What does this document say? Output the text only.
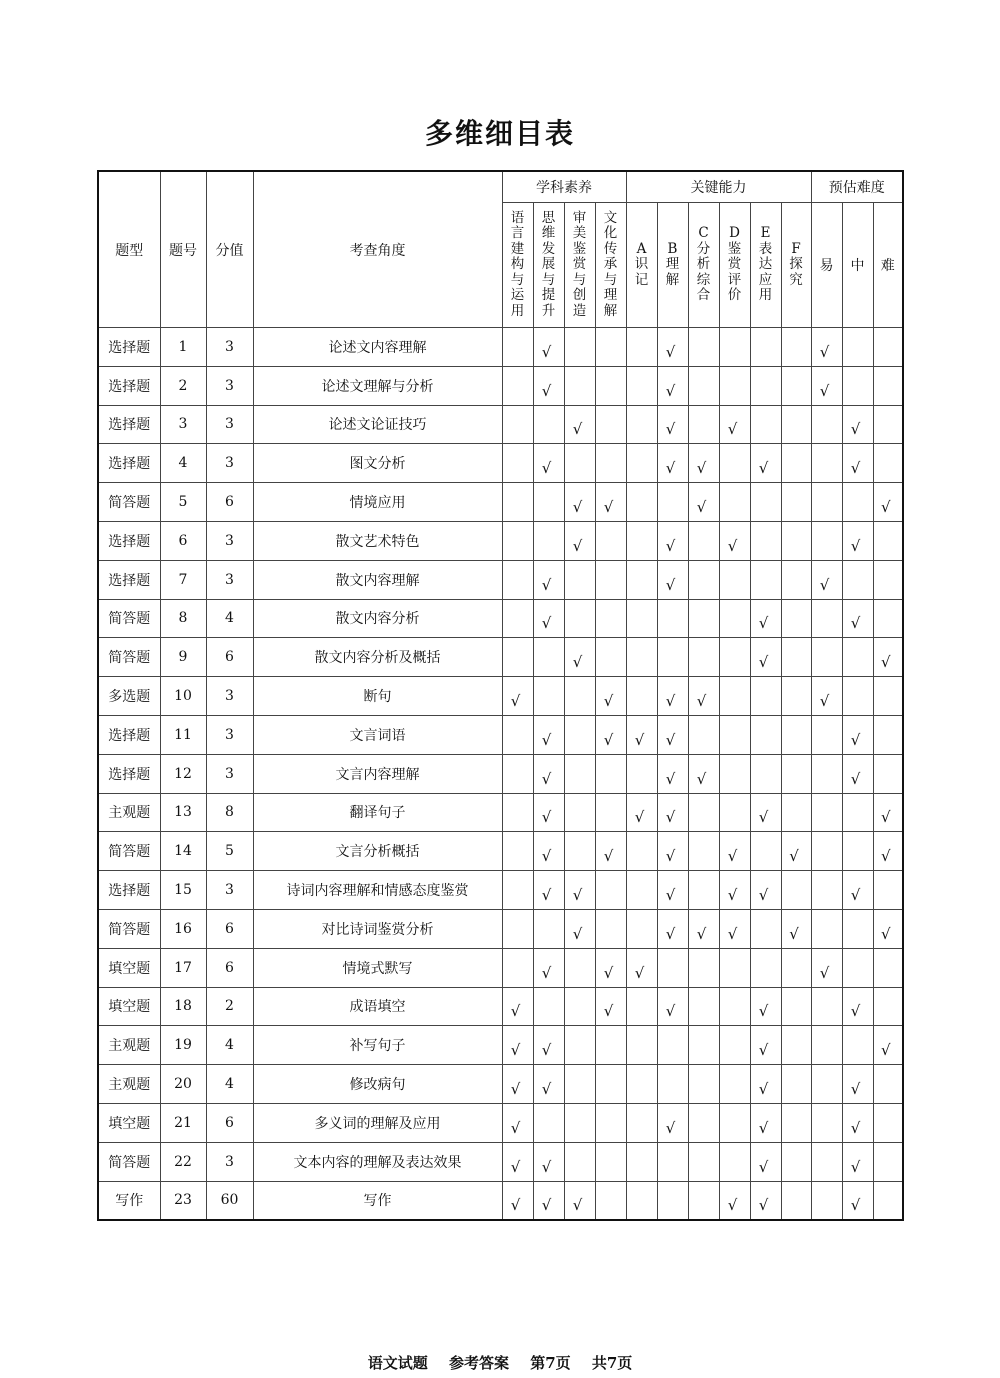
多维细目表
题型	题号	分值	考查角度	学科素养				关键能力						预估难度		

				语言建构与运用	思维发展与提升	审美鉴赏与创造	文化传承与理解	A识记	B理解	C分析综合	D鉴赏评价	E表达应用	F探究	易	中	难
选择题	1	3	论述文内容理解		√				√					√		
选择题	2	3	论述文理解与分析		√				√					√		
选择题	3	3	论述文论证技巧			√			√		√				√	
选择题	4	3	图文分析		√				√	√		√			√	
简答题	5	6	情境应用			√	√			√						√
选择题	6	3	散文艺术特色			√			√		√				√	
选择题	7	3	散文内容理解		√				√					√		
简答题	8	4	散文内容分析		√							√			√	
简答题	9	6	散文内容分析及概括			√						√				√
多选题	10	3	断句	√			√		√	√				√		
选择题	11	3	文言词语		√		√	√	√						√	
选择题	12	3	文言内容理解		√				√	√					√	
主观题	13	8	翻译句子		√			√	√			√				√
简答题	14	5	文言分析概括		√		√		√		√		√			√
选择题	15	3	诗词内容理解和情感态度鉴赏		√	√			√		√	√			√	
简答题	16	6	对比诗词鉴赏分析			√			√	√	√		√			√
填空题	17	6	情境式默写		√		√	√						√		
填空题	18	2	成语填空	√			√		√			√			√	
主观题	19	4	补写句子	√	√							√				√
主观题	20	4	修改病句	√	√							√			√	
填空题	21	6	多义词的理解及应用	√					√			√			√	
简答题	22	3	文本内容的理解及表达效果	√	√							√			√	
写作	23	60	写作	√	√	√					√	√			√	
语文试题 参考答案 第7页 共7页
